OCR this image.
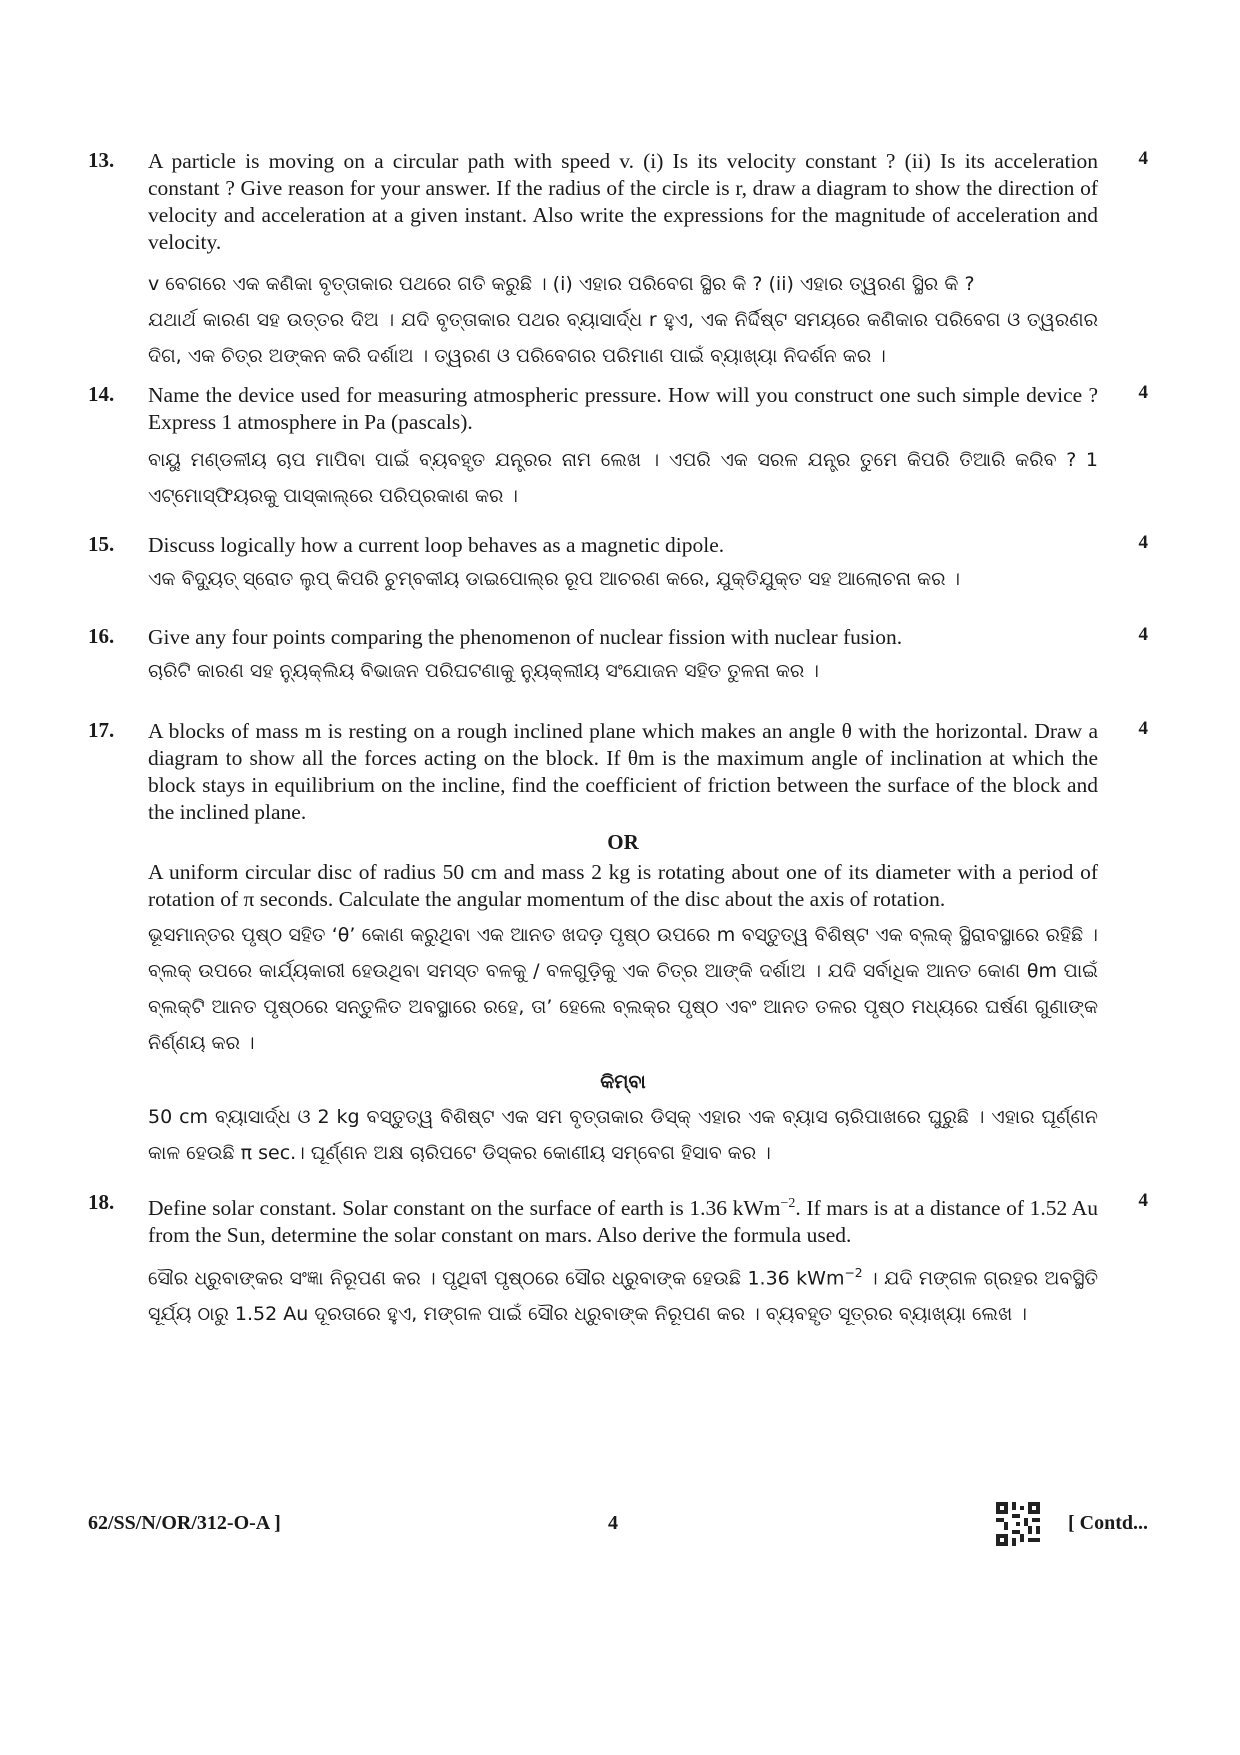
13.	4

A particle is moving on a circular path with speed v. (i) Is its velocity constant ? (ii) Is its acceleration constant ? Give reason for your answer. If the radius of the circle is r, draw a diagram to show the direction of velocity and acceleration at a given instant. Also write the expressions for the magnitude of acceleration and velocity.

v ବେଗରେ ଏକ କଣିକା ବୃତ୍ତାକାର ପଥରେ ଗତି କରୁଛି । (i) ଏହାର ପରିବେଗ ସ୍ଥିର କି ? (ii) ଏହାର ତ୍ୱରଣ ସ୍ଥିର କି ?

ଯଥାର୍ଥ କାରଣ ସହ ଉତ୍ତର ଦିଅ । ଯଦି ବୃତ୍ତାକାର ପଥର ବ୍ୟାସାର୍ଦ୍ଧ r ହୁଏ, ଏକ ନିର୍ଦ୍ଦିଷ୍ଟ ସମୟରେ କଣିକାର ପରିବେଗ ଓ ତ୍ୱରଣର ଦିଗ, ଏକ ଚିତ୍ର ଅଙ୍କନ କରି ଦର୍ଶାଅ । ତ୍ୱରଣ ଓ ପରିବେଗର ପରିମାଣ ପାଇଁ ବ୍ୟାଖ୍ୟା ନିଦର୍ଶନ କର ।

14.	4

Name the device used for measuring atmospheric pressure. How will you construct one such simple device ? Express 1 atmosphere in Pa (pascals).

ବାୟୁ ମଣ୍ଡଳୀୟ ଚାପ ମାପିବା ପାଇଁ ବ୍ୟବହୃତ ଯନ୍ତ୍ରର ନାମ ଲେଖ । ଏପରି ଏକ ସରଳ ଯନ୍ତ୍ର ତୁମେ କିପରି ତିଆରି କରିବ ? 1 ଏଟ୍‌ମୋସ୍ଫିୟରକୁ ପାସ୍କାଲ୍‌ରେ ପରିପ୍ରକାଶ କର ।

15.	4

Discuss logically how a current loop behaves as a magnetic dipole.

ଏକ ବିଦ୍ୟୁତ୍ ସ୍ରୋତ ଲୁପ୍ କିପରି ଚୁମ୍ବକୀୟ ଡାଇପୋଲ୍‌ର ରୂପ ଆଚରଣ କରେ, ଯୁକ୍ତିଯୁକ୍ତ ସହ ଆଲୋଚନା କର ।

16.	4

Give any four points comparing the phenomenon of nuclear fission with nuclear fusion.

ଚାରିଟି କାରଣ ସହ ନ୍ୟୁକ୍ଲିୟ ବିଭାଜନ ପରିଘଟଣାକୁ ନ୍ୟୁକ୍ଲୀୟ ସଂଯୋଜନ ସହିତ ତୁଳନା କର ।

17.	4

A blocks of mass m is resting on a rough inclined plane which makes an angle θ with the horizontal. Draw a diagram to show all the forces acting on the block. If θm is the maximum angle of inclination at which the block stays in equilibrium on the incline, find the coefficient of friction between the surface of the block and the inclined plane.

OR

A uniform circular disc of radius 50 cm and mass 2 kg is rotating about one of its diameter with a period of rotation of π seconds. Calculate the angular momentum of the disc about the axis of rotation.

ଭୂସମାନ୍ତର ପୃଷ୍ଠ ସହିତ ‘θ’ କୋଣ କରୁଥିବା ଏକ ଆନତ ଖଦଡ଼ ପୃଷ୍ଠ ଉପରେ m ବସ୍ତୁତ୍ୱ ବିଶିଷ୍ଟ ଏକ ବ୍ଲକ୍ ସ୍ଥିରାବସ୍ଥାରେ ରହିଛି । ବ୍ଲକ୍ ଉପରେ କାର୍ଯ୍ୟକାରୀ ହେଉଥିବା ସମସ୍ତ ବଳକୁ / ବଳଗୁଡ଼ିକୁ ଏକ ଚିତ୍ର ଆଙ୍କି ଦର୍ଶାଅ । ଯଦି ସର୍ବାଧିକ ଆନତ କୋଣ θm ପାଇଁ ବ୍ଲକ୍‌ଟି ଆନତ ପୃଷ୍ଠରେ ସନ୍ତୁଳିତ ଅବସ୍ଥାରେ ରହେ, ତା’ ହେଲେ ବ୍ଲକ୍‌ର ପୃଷ୍ଠ ଏବଂ ଆନତ ତଳର ପୃଷ୍ଠ ମଧ୍ୟରେ ଘର୍ଷଣ ଗୁଣାଙ୍କ ନିର୍ଣ୍ଣୟ କର ।

କିମ୍ବା

50 cm ବ୍ୟାସାର୍ଦ୍ଧ ଓ 2 kg ବସ୍ତୁତ୍ୱ ବିଶିଷ୍ଟ ଏକ ସମ ବୃତ୍ତାକାର ଡିସ୍କ୍ ଏହାର ଏକ ବ୍ୟାସ ଚାରିପାଖରେ ଘୁରୁଛି । ଏହାର ଘୂର୍ଣ୍ଣନ କାଳ ହେଉଛି π sec.। ଘୂର୍ଣ୍ଣନ ଅକ୍ଷ ଚାରିପଟେ ଡିସ୍କର କୋଣୀୟ ସମ୍ବେଗ ହିସାବ କର ।

18.	4

Define solar constant. Solar constant on the surface of earth is 1.36 kWm$^{-2}$. If mars is at a distance of 1.52 Au from the Sun, determine the solar constant on mars. Also derive the formula used.

ସୌର ଧ୍ରୁବାଙ୍କର ସଂଜ୍ଞା ନିରୂପଣ କର । ପୃଥିବୀ ପୃଷ୍ଠରେ ସୌର ଧ୍ରୁବାଙ୍କ ହେଉଛି 1.36 kWm$^{-2}$ । ଯଦି ମଙ୍ଗଳ ଗ୍ରହର ଅବସ୍ଥିତି ସୂର୍ଯ୍ୟ ଠାରୁ 1.52 Au ଦୂରତାରେ ହୁଏ, ମଙ୍ଗଳ ପାଇଁ ସୌର ଧ୍ରୁବାଙ୍କ ନିରୂପଣ କର । ବ୍ୟବହୃତ ସୂତ୍ରର ବ୍ୟାଖ୍ୟା ଲେଖ ।

62/SS/N/OR/312-O-A ]	4	[ Contd...
